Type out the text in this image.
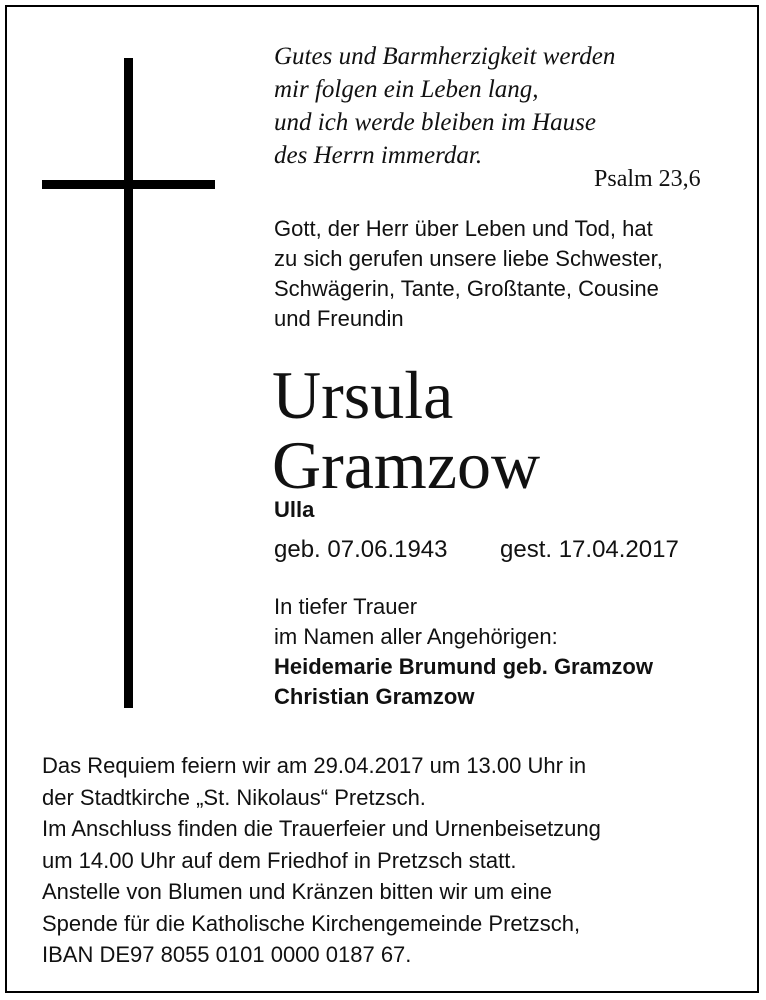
Gutes und Barmherzigkeit werden
mir folgen ein Leben lang,
und ich werde bleiben im Hause
des Herrn immerdar.
Psalm 23,6
Gott, der Herr über Leben und Tod, hat
zu sich gerufen unsere liebe Schwester,
Schwägerin, Tante, Großtante, Cousine
und Freundin
Ursula
Gramzow
Ulla
geb. 07.06.1943 gest. 17.04.2017
In tiefer Trauer
im Namen aller Angehörigen:
Heidemarie Brumund geb. Gramzow
Christian Gramzow
Das Requiem feiern wir am 29.04.2017 um 13.00 Uhr in
der Stadtkirche „St. Nikolaus“ Pretzsch.
Im Anschluss finden die Trauerfeier und Urnenbeisetzung
um 14.00 Uhr auf dem Friedhof in Pretzsch statt.
Anstelle von Blumen und Kränzen bitten wir um eine
Spende für die Katholische Kirchengemeinde Pretzsch,
IBAN DE97 8055 0101 0000 0187 67.
